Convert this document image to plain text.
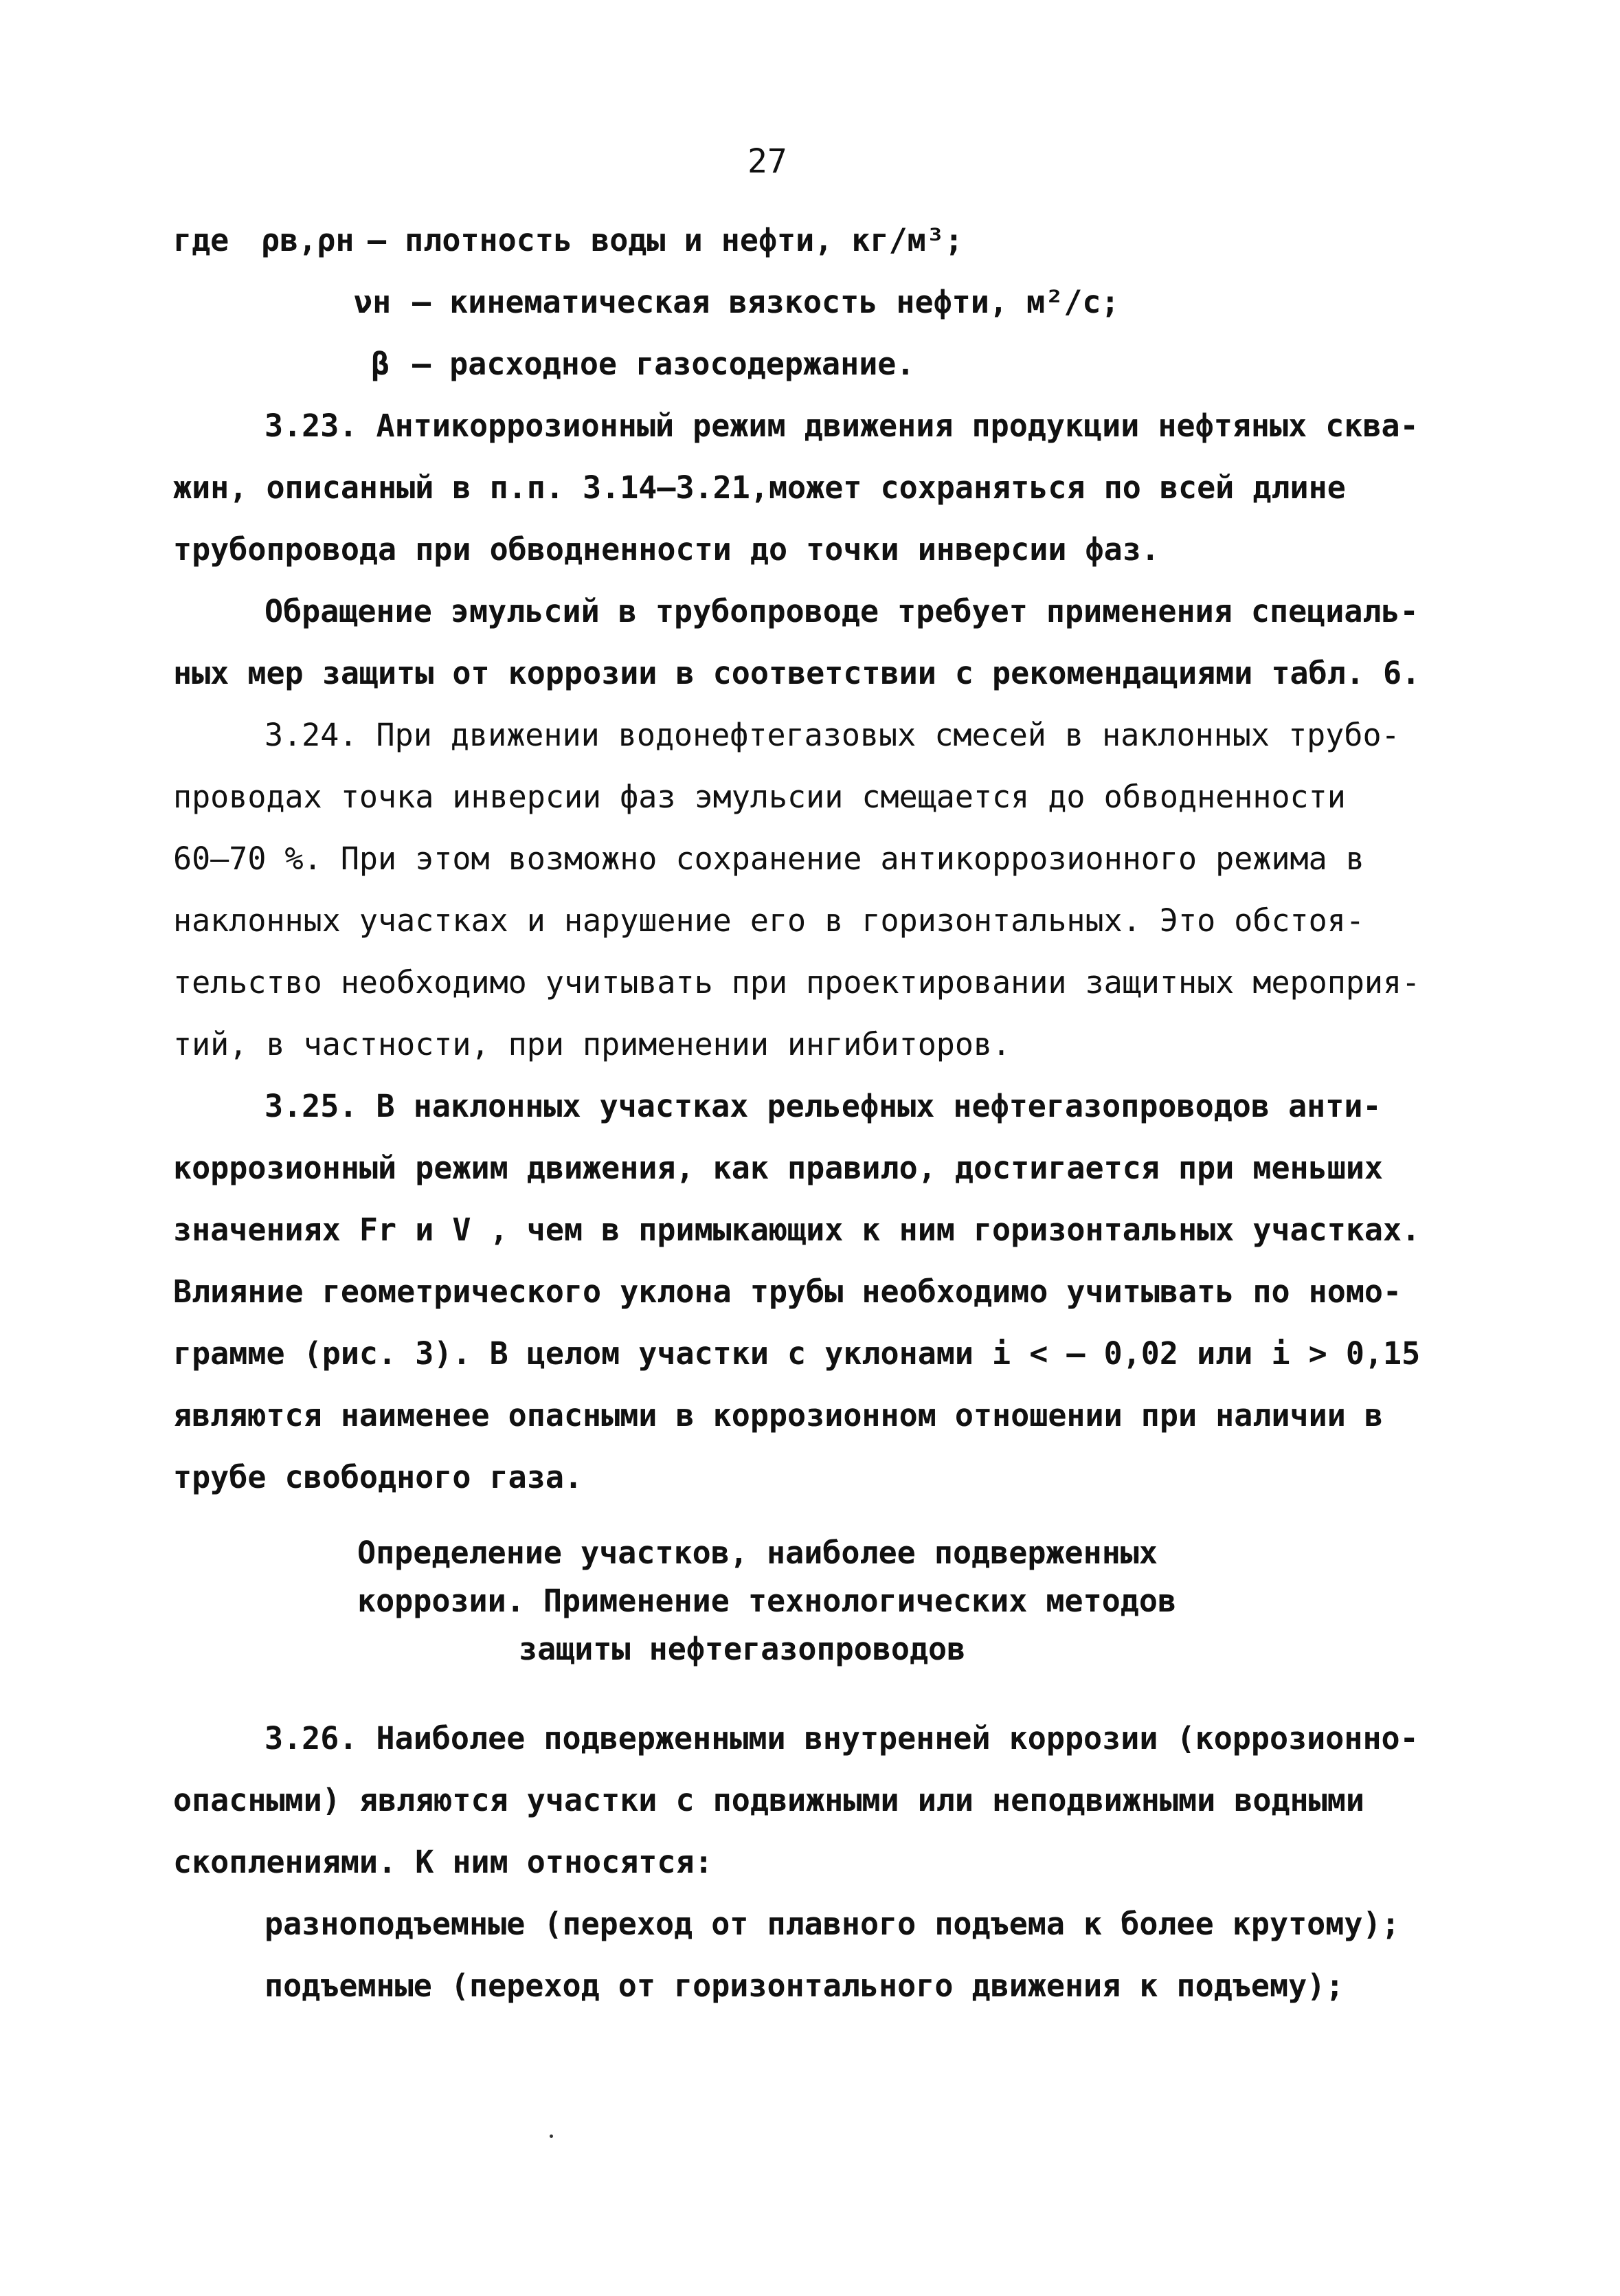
27
где ρв,ρн – плотность воды и нефти, кг/м³;
νн – кинематическая вязкость нефти, м²/с;
β – расходное газосодержание.
3.23. Антикоррозионный режим движения продукции нефтяных сква-
жин, описанный в п.п. 3.14–3.21,может сохраняться по всей длине
трубопровода при обводненности до точки инверсии фаз.
Обращение эмульсий в трубопроводе требует применения специаль-
ных мер защиты от коррозии в соответствии с рекомендациями табл. 6.
3.24. При движении водонефтегазовых смесей в наклонных трубо-
проводах точка инверсии фаз эмульсии смещается до обводненности
60–70 %. При этом возможно сохранение антикоррозионного режима в
наклонных участках и нарушение его в горизонтальных. Это обстоя-
тельство необходимо учитывать при проектировании защитных мероприя-
тий, в частности, при применении ингибиторов.
3.25. В наклонных участках рельефных нефтегазопроводов анти-
коррозионный режим движения, как правило, достигается при меньших
значениях Fr и V , чем в примыкающих к ним горизонтальных участках.
Влияние геометрического уклона трубы необходимо учитывать по номо-
грамме (рис. 3). В целом участки с уклонами i < – 0,02 или i > 0,15
являются наименее опасными в коррозионном отношении при наличии в
трубе свободного газа.
Определение участков, наиболее подверженных
коррозии. Применение технологических методов
защиты нефтегазопроводов
3.26. Наиболее подверженными внутренней коррозии (коррозионно-
опасными) являются участки с подвижными или неподвижными водными
скоплениями. К ним относятся:
разноподъемные (переход от плавного подъема к более крутому);
подъемные (переход от горизонтального движения к подъему);
